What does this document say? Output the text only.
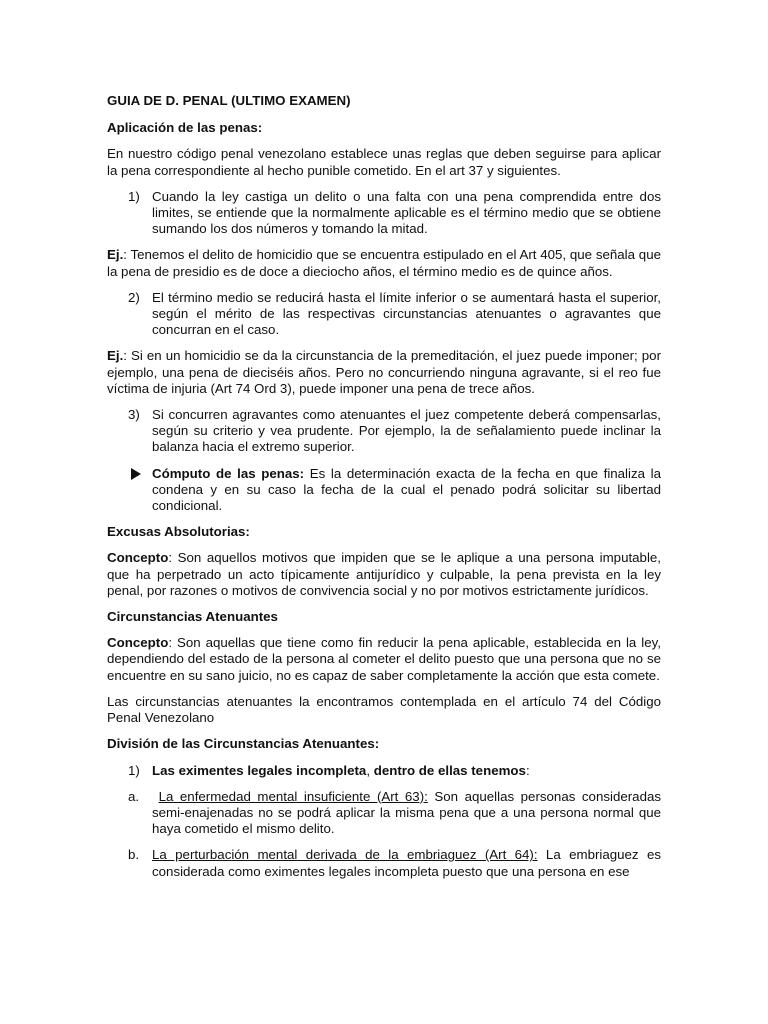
GUIA DE D. PENAL (ULTIMO EXAMEN)

Aplicación de las penas:

En nuestro código penal venezolano establece unas reglas que deben seguirse para aplicar la pena correspondiente al hecho punible cometido. En el art 37 y siguientes.

1) Cuando la ley castiga un delito o una falta con una pena comprendida entre dos limites, se entiende que la normalmente aplicable es el término medio que se obtiene sumando los dos números y tomando la mitad.

Ej.: Tenemos el delito de homicidio que se encuentra estipulado en el Art 405, que señala que la pena de presidio es de doce a dieciocho años, el término medio es de quince años.

2) El término medio se reducirá hasta el límite inferior o se aumentará hasta el superior, según el mérito de las respectivas circunstancias atenuantes o agravantes que concurran en el caso.

Ej.: Si en un homicidio se da la circunstancia de la premeditación, el juez puede imponer; por ejemplo, una pena de dieciséis años. Pero no concurriendo ninguna agravante, si el reo fue víctima de injuria (Art 74 Ord 3), puede imponer una pena de trece años.

3) Si concurren agravantes como atenuantes el juez competente deberá compensarlas, según su criterio y vea prudente. Por ejemplo, la de señalamiento puede inclinar la balanza hacia el extremo superior.
Cómputo de las penas: Es la determinación exacta de la fecha en que finaliza la condena y en su caso la fecha de la cual el penado podrá solicitar su libertad condicional.

Excusas Absolutorias:

Concepto: Son aquellos motivos que impiden que se le aplique a una persona imputable, que ha perpetrado un acto típicamente antijurídico y culpable, la pena prevista en la ley penal, por razones o motivos de convivencia social y no por motivos estrictamente jurídicos.

Circunstancias Atenuantes

Concepto: Son aquellas que tiene como fin reducir la pena aplicable, establecida en la ley, dependiendo del estado de la persona al cometer el delito puesto que una persona que no se encuentre en su sano juicio, no es capaz de saber completamente la acción que esta comete.

Las circunstancias atenuantes la encontramos contemplada en el artículo 74 del Código Penal Venezolano

División de las Circunstancias Atenuantes:

1) Las eximentes legales incompleta, dentro de ellas tenemos:
a.	La enfermedad mental insuficiente (Art 63): Son aquellas personas consideradas semi-enajenadas no se podrá aplicar la misma pena que a una persona normal que haya cometido el mismo delito.
b. La perturbación mental derivada de la embriaguez (Art 64): La embriaguez es considerada como eximentes legales incompleta puesto que una persona en ese
